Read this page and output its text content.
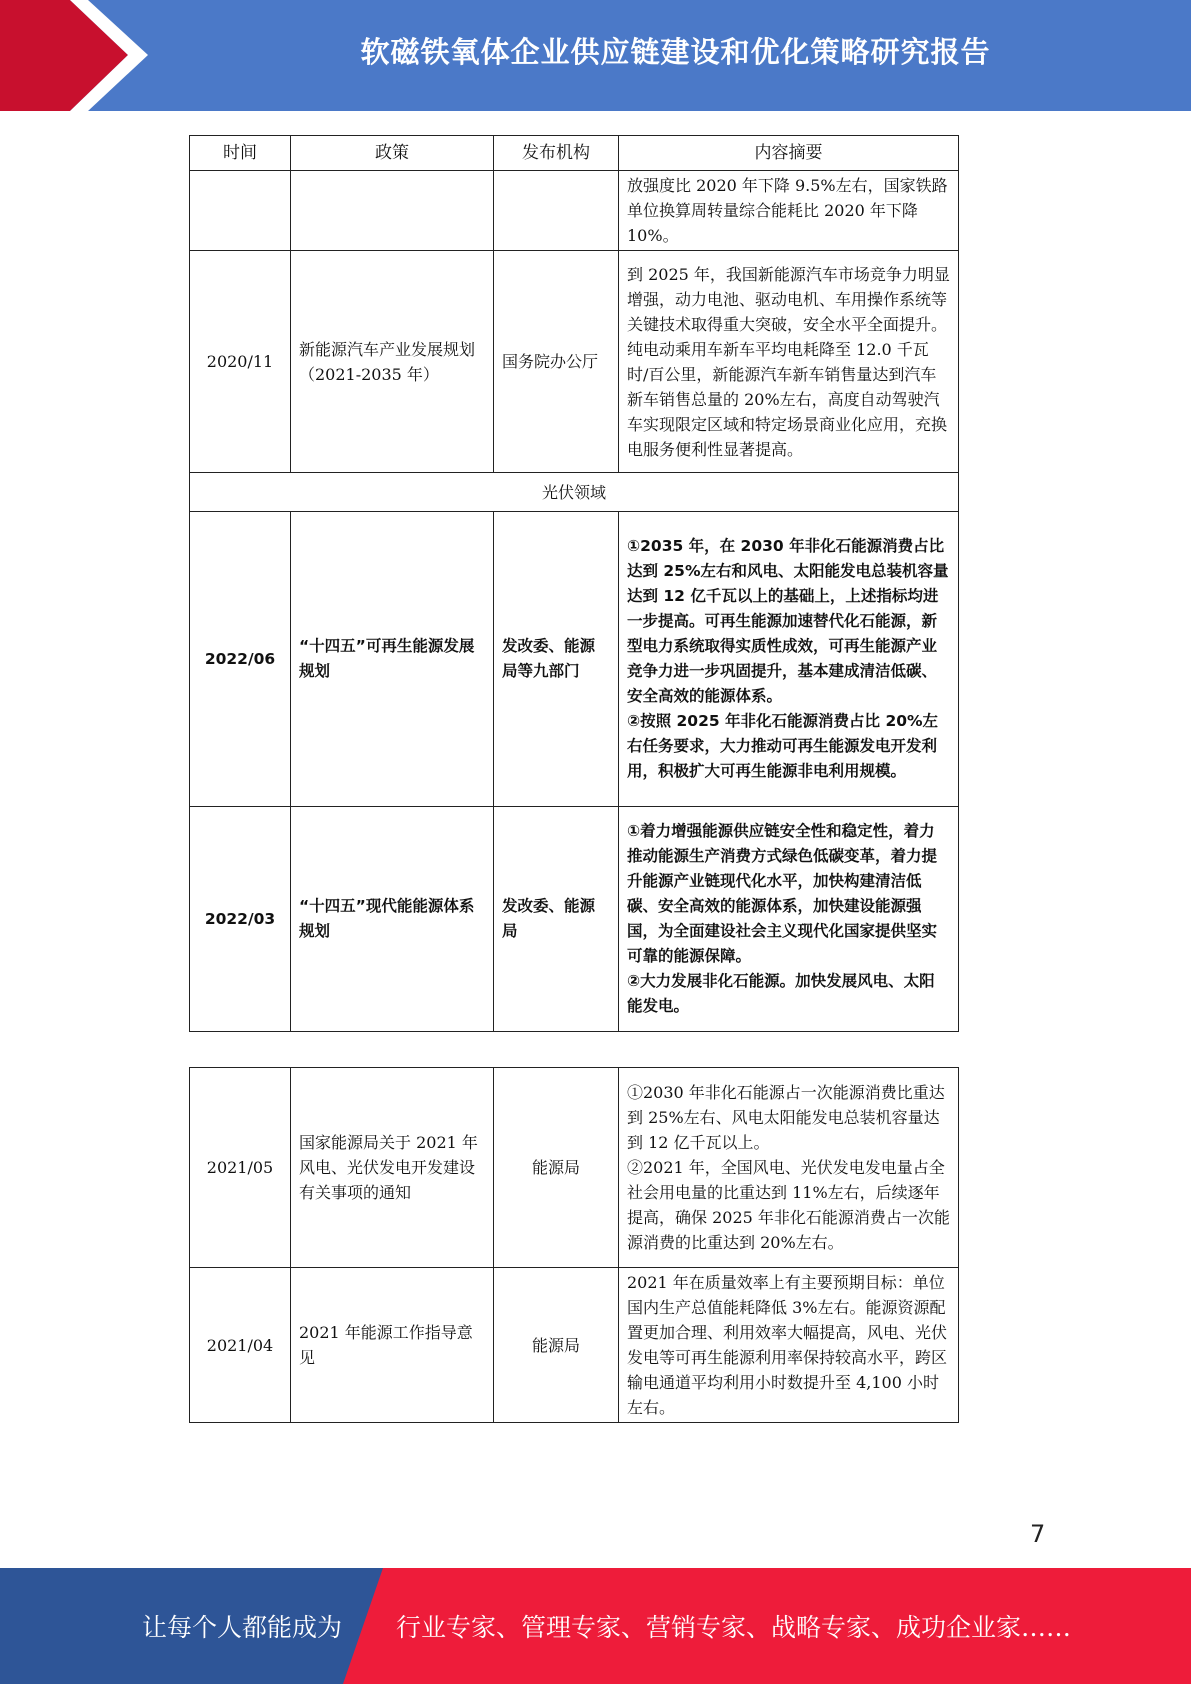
软磁铁氧体企业供应链建设和优化策略研究报告
时间	政策	发布机构	内容摘要

			放强度比 2020 年下降 9.5%左右，国家铁路单位换算周转量综合能耗比 2020 年下降 10%。

2020/11	新能源汽车产业发展规划（2021-2035 年）	国务院办公厅	到 2025 年，我国新能源汽车市场竞争力明显增强，动力电池、驱动电机、车用操作系统等关键技术取得重大突破，安全水平全面提升。纯电动乘用车新车平均电耗降至 12.0 千瓦时/百公里，新能源汽车新车销售量达到汽车新车销售总量的 20%左右，高度自动驾驶汽车实现限定区域和特定场景商业化应用，充换电服务便利性显著提高。

光伏领域			
2022/06	“十四五”可再生能源发展规划	发改委、能源局等九部门	①2035 年，在 2030 年非化石能源消费占比达到 25%左右和风电、太阳能发电总装机容量达到 12 亿千瓦以上的基础上，上述指标均进一步提高。可再生能源加速替代化石能源，新型电力系统取得实质性成效，可再生能源产业竞争力进一步巩固提升，基本建成清洁低碳、安全高效的能源体系。
②按照 2025 年非化石能源消费占比 20%左右任务要求，大力推动可再生能源发电开发利用，积极扩大可再生能源非电利用规模。

2022/03	“十四五”现代能能源体系规划	发改委、能源局	①着力增强能源供应链安全性和稳定性，着力推动能源生产消费方式绿色低碳变革，着力提升能源产业链现代化水平，加快构建清洁低碳、安全高效的能源体系，加快建设能源强国，为全面建设社会主义现代化国家提供坚实可靠的能源保障。
②大力发展非化石能源。加快发展风电、太阳能发电。
2021/05	国家能源局关于 2021 年风电、光伏发电开发建设有关事项的通知	能源局	①2030 年非化石能源占一次能源消费比重达到 25%左右、风电太阳能发电总装机容量达到 12 亿千瓦以上。
②2021 年，全国风电、光伏发电发电量占全社会用电量的比重达到 11%左右，后续逐年提高，确保 2025 年非化石能源消费占一次能源消费的比重达到 20%左右。

2021/04	2021 年能源工作指导意见	能源局	2021 年在质量效率上有主要预期目标：单位国内生产总值能耗降低 3%左右。能源资源配置更加合理、利用效率大幅提高，风电、光伏发电等可再生能源利用率保持较高水平，跨区输电通道平均利用小时数提升至 4,100 小时左右。
7
让每个人都能成为 行业专家、管理专家、营销专家、战略专家、成功企业家……
